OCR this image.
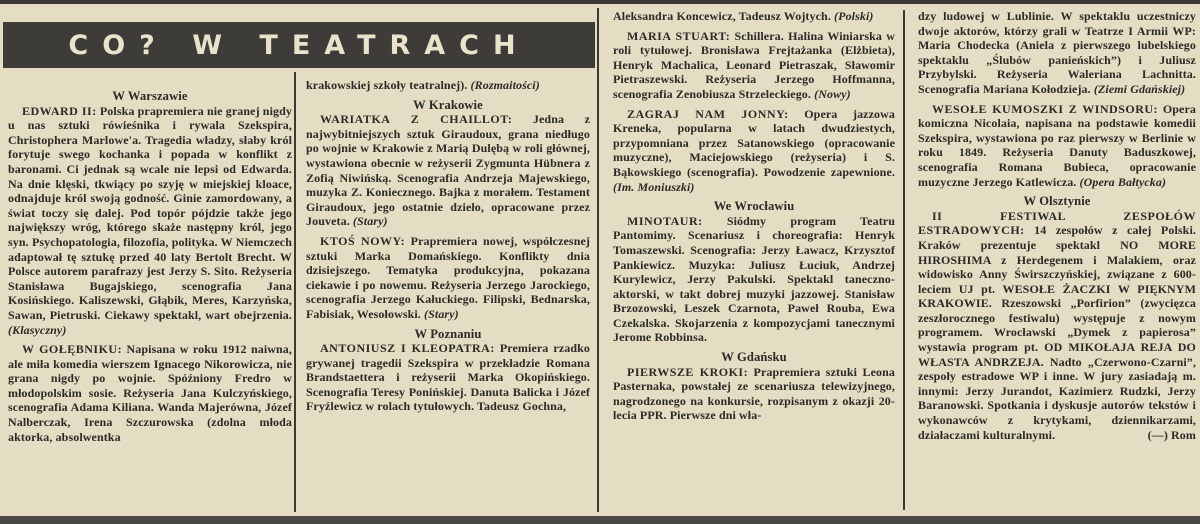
CO? W TEATRACH
W Warszawie

EDWARD II: Polska prapremiera nie granej nigdy u nas sztuki rówieśnika i rywala Szekspira, Christophera Marlowe'a. Tragedia władzy, słaby król forytuje swego kochanka i popada w konflikt z baronami. Ci jednak są wcale nie lepsi od Edwarda. Na dnie klęski, tkwiący po szyję w miejskiej kloace, odnajduje król swoją godność. Ginie zamordowany, a świat toczy się dalej. Pod topór pójdzie także jego największy wróg, którego skaże następny król, jego syn. Psychopatologia, filozofia, polityka. W Niemczech adaptował tę sztukę przed 40 laty Bertolt Brecht. W Polsce autorem parafrazy jest Jerzy S. Sito. Reżyseria Stanisława Bugajskiego, scenografia Jana Kosińskiego. Kaliszewski, Głąbik, Meres, Karzyńska, Sawan, Pietruski. Ciekawy spektakl, wart obejrzenia. (Klasyczny)

W GOŁĘBNIKU: Napisana w roku 1912 naiwna, ale miła komedia wierszem Ignacego Nikorowicza, nie grana nigdy po wojnie. Spóźniony Fredro w młodopolskim sosie. Reżyseria Jana Kulczyńskiego, scenografia Adama Kiliana. Wanda Majerówna, Józef Nalberczak, Irena Szczurowska (zdolna młoda aktorka, absolwentka

krakowskiej szkoły teatralnej). (Rozmaitości)

W Krakowie

WARIATKA Z CHAILLOT: Jedna z najwybitniejszych sztuk Giraudoux, grana niedługo po wojnie w Krakowie z Marią Dulębą w roli głównej, wystawiona obecnie w reżyserii Zygmunta Hübnera z Zofią Niwińską. Scenografia Andrzeja Majewskiego, muzyka Z. Koniecznego. Bajka z morałem. Testament Giraudoux, jego ostatnie dzieło, opracowane przez Jouveta. (Stary)

KTOŚ NOWY: Prapremiera nowej, współczesnej sztuki Marka Domańskiego. Konflikty dnia dzisiejszego. Tematyka produkcyjna, pokazana ciekawie i po nowemu. Reżyseria Jerzego Jarockiego, scenografia Jerzego Kałuckiego. Filipski, Bednarska, Fabisiak, Wesołowski. (Stary)

W Poznaniu

ANTONIUSZ I KLEOPATRA: Premiera rzadko grywanej tragedii Szekspira w przekładzie Romana Brandstaettera i reżyserii Marka Okopińskiego. Scenografia Teresy Ponińskiej. Danuta Balicka i Józef Fryźlewicz w rolach tytułowych. Tadeusz Gochna,

Aleksandra Koncewicz, Tadeusz Wojtych. (Polski)

MARIA STUART: Schillera. Halina Winiarska w roli tytułowej. Bronisława Frejtażanka (Elżbieta), Henryk Machalica, Leonard Pietraszak, Sławomir Pietraszewski. Reżyseria Jerzego Hoffmanna, scenografia Zenobiusza Strzeleckiego. (Nowy)

ZAGRAJ NAM JONNY: Opera jazzowa Kreneka, popularna w latach dwudziestych, przypomniana przez Satanowskiego (opracowanie muzyczne), Maciejowskiego (reżyseria) i S. Bąkowskiego (scenografia). Powodzenie zapewnione. (Im. Moniuszki)

We Wrocławiu

MINOTAUR: Siódmy program Teatru Pantomimy. Scenariusz i choreografia: Henryk Tomaszewski. Scenografia: Jerzy Ławacz, Krzysztof Pankiewicz. Muzyka: Juliusz Łuciuk, Andrzej Kurylewicz, Jerzy Pakulski. Spektakl taneczno-aktorski, w takt dobrej muzyki jazzowej. Stanisław Brzozowski, Leszek Czarnota, Paweł Rouba, Ewa Czekalska. Skojarzenia z kompozycjami tanecznymi Jerome Robbinsa.

W Gdańsku

PIERWSZE KROKI: Prapremiera sztuki Leona Pasternaka, powstałej ze scenariusza telewizyjnego, nagrodzonego na konkursie, rozpisanym z okazji 20-lecia PPR. Pierwsze dni wła-

dzy ludowej w Lublinie. W spektaklu uczestniczy dwoje aktorów, którzy grali w Teatrze I Armii WP: Maria Chodecka (Aniela z pierwszego lubelskiego spektaklu „Ślubów panieńskich”) i Juliusz Przybylski. Reżyseria Waleriana Lachnitta. Scenografia Mariana Kołodzieja. (Ziemi Gdańskiej)

WESOŁE KUMOSZKI Z WINDSORU: Opera komiczna Nicolaia, napisana na podstawie komedii Szekspira, wystawiona po raz pierwszy w Berlinie w roku 1849. Reżyseria Danuty Baduszkowej, scenografia Romana Bubieca, opracowanie muzyczne Jerzego Katlewicza. (Opera Bałtycka)

W Olsztynie

II FESTIWAL ZESPOŁÓW ESTRADOWYCH: 14 zespołów z całej Polski. Kraków prezentuje spektakl NO MORE HIROSHIMA z Herdegenem i Malakiem, oraz widowisko Anny Świrszczyńskiej, związane z 600-leciem UJ pt. WESOŁE ŻACZKI W PIĘKNYM KRAKOWIE. Rzeszowski „Porfirion” (zwycięzca zeszłorocznego festiwalu) występuje z nowym programem. Wrocławski „Dymek z papierosa” wystawia program pt. OD MIKOŁAJA REJA DO WŁASTA ANDRZEJA. Nadto „Czerwono-Czarni”, zespoły estradowe WP i inne. W jury zasiadają m. innymi: Jerzy Jurandot, Kazimierz Rudzki, Jerzy Baranowski. Spotkania i dyskusje autorów tekstów i wykonawców z krytykami, dziennikarzami, działaczami kulturalnymi.	(—) Rom
